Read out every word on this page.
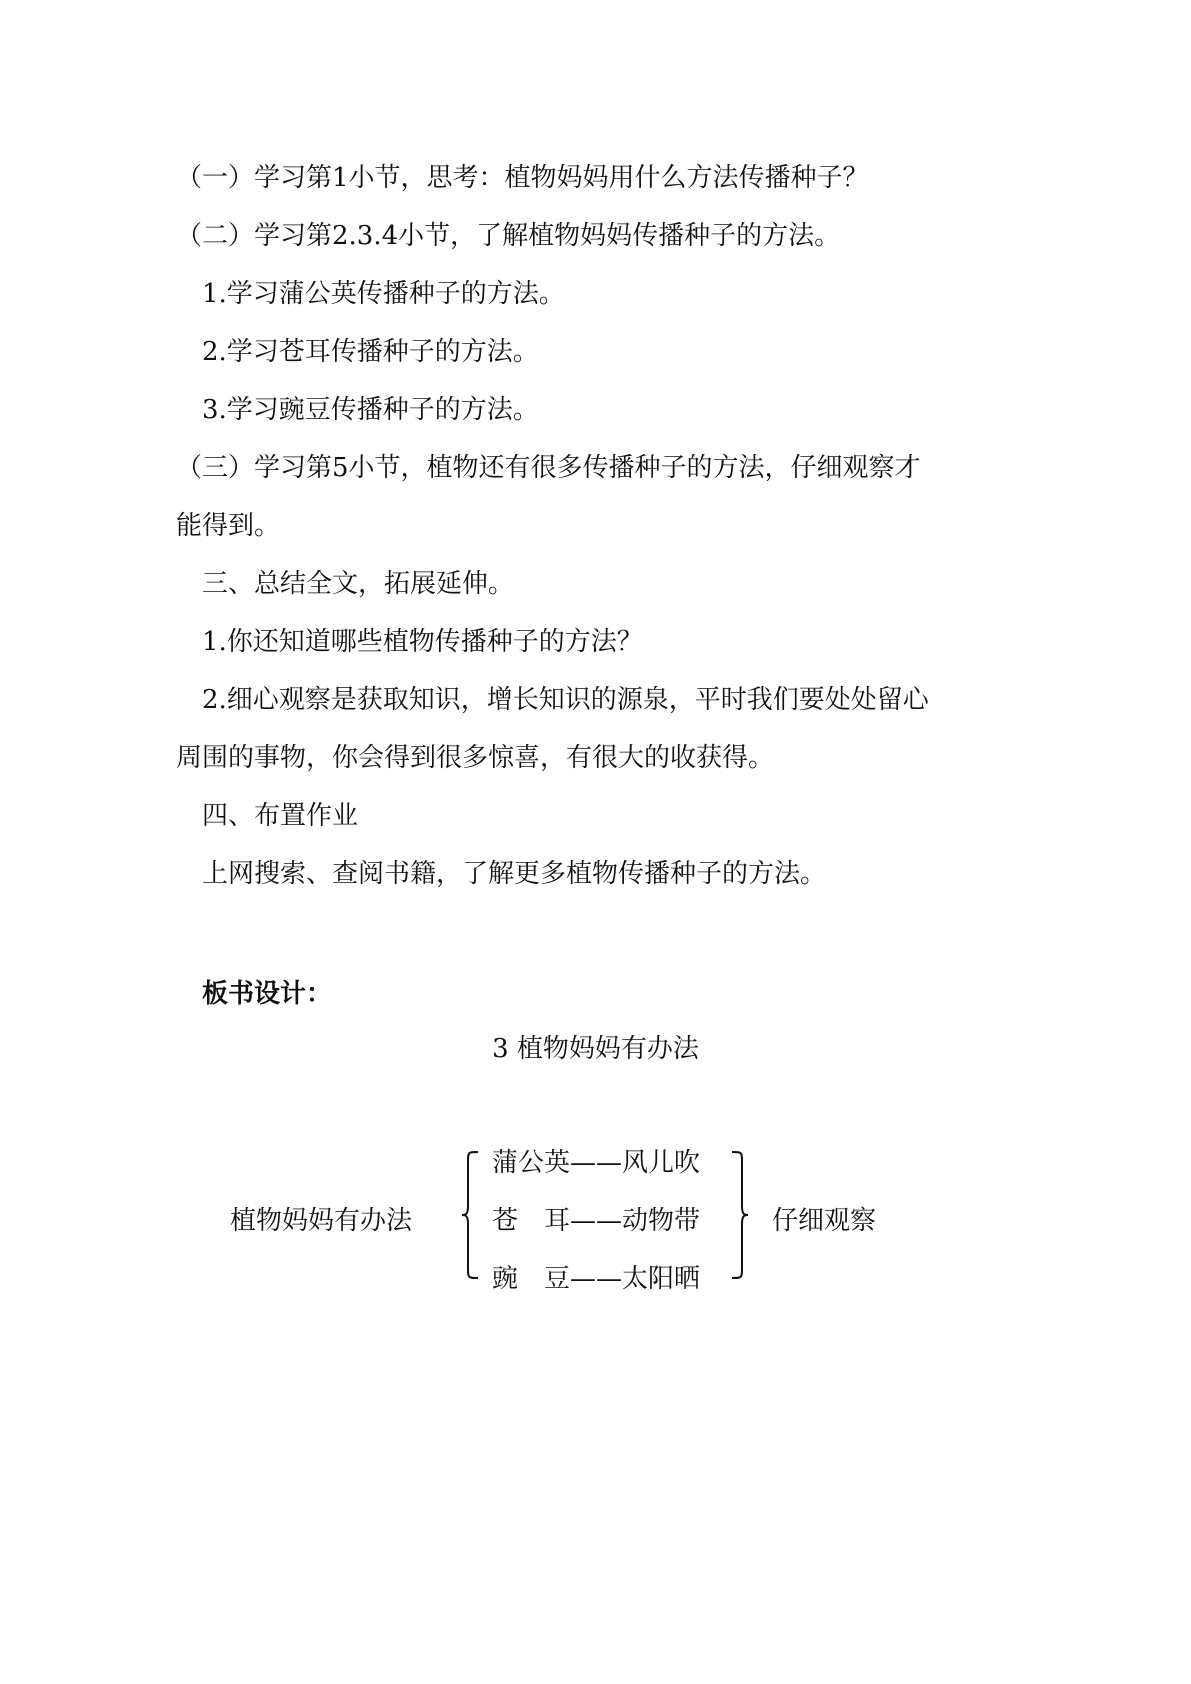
（一）学习第1小节，思考：植物妈妈用什么方法传播种子？
（二）学习第2.3.4小节，了解植物妈妈传播种子的方法。
1.学习蒲公英传播种子的方法。
2.学习苍耳传播种子的方法。
3.学习豌豆传播种子的方法。
（三）学习第5小节，植物还有很多传播种子的方法，仔细观察才
能得到。
三、总结全文，拓展延伸。
1.你还知道哪些植物传播种子的方法？
2.细心观察是获取知识，增长知识的源泉，平时我们要处处留心
周围的事物，你会得到很多惊喜，有很大的收获得。
四、布置作业
上网搜索、查阅书籍，了解更多植物传播种子的方法。
板书设计：
3 植物妈妈有办法
植物妈妈有办法
蒲公英——风儿吹
苍　耳——动物带
豌　豆——太阳晒
仔细观察
